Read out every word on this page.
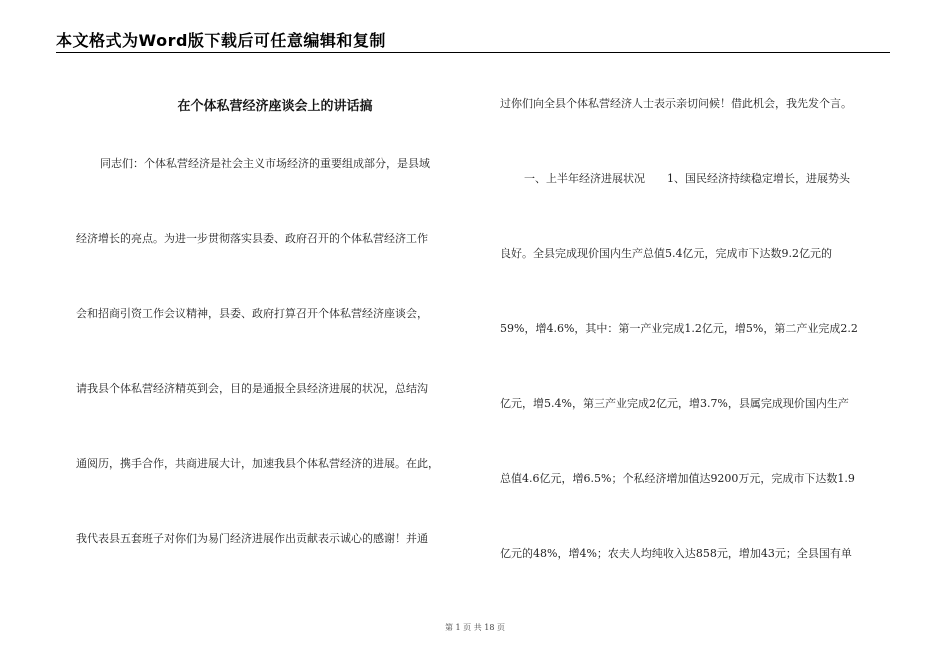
本文格式为Word版下载后可任意编辑和复制
在个体私营经济座谈会上的讲话搞
同志们：个体私营经济是社会主义市场经济的重要组成部分，是县域
经济增长的亮点。为进一步贯彻落实县委、政府召开的个体私营经济工作
会和招商引资工作会议精神，县委、政府打算召开个体私营经济座谈会，
请我县个体私营经济精英到会，目的是通报全县经济进展的状况，总结沟
通阅历，携手合作，共商进展大计，加速我县个体私营经济的进展。在此，
我代表县五套班子对你们为易门经济进展作出贡献表示诚心的感谢！并通
过你们向全县个体私营经济人士表示亲切问候！借此机会，我先发个言。
一、上半年经济进展状况　　1、国民经济持续稳定增长，进展势头
良好。全县完成现价国内生产总值5.4亿元，完成市下达数9.2亿元的
59%，增4.6%，其中：第一产业完成1.2亿元，增5%，第二产业完成2.2
亿元，增5.4%，第三产业完成2亿元，增3.7%，县属完成现价国内生产
总值4.6亿元，增6.5%；个私经济增加值达9200万元，完成市下达数1.9
亿元的48%，增4%；农夫人均纯收入达858元，增加43元；全县国有单
第 1 页 共 18 页
